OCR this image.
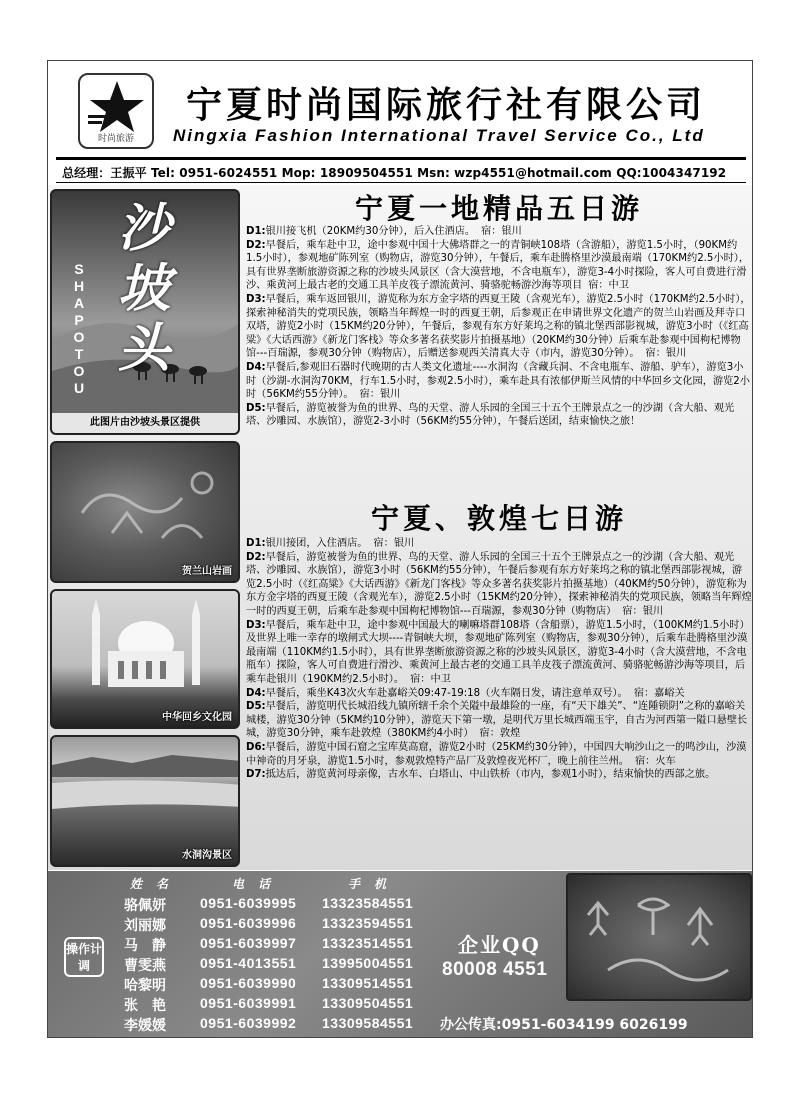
时尚旅游
宁夏时尚国际旅行社有限公司
Ningxia Fashion International Travel Service Co., Ltd
总经理：王振平 Tel: 0951-6024551 Mop: 18909504551 Msn: wzp4551@hotmail.com QQ:1004347192
沙坡头
SHA PO TOU
此图片由沙坡头景区提供
贺兰山岩画
中华回乡文化园
水洞沟景区
宁夏一地精品五日游

D1:银川接飞机（20KM约30分钟），后入住酒店。 宿：银川

D2:早餐后，乘车赴中卫，途中参观中国十大佛塔群之一的青铜峡108塔（含游船），游览1.5小时，（90KM约1.5小时），参观地矿陈列室（购物店，游览30分钟），午餐后，乘车赴腾格里沙漠最南端（170KM约2.5小时），具有世界垄断旅游资源之称的沙坡头风景区（含大漠营地，不含电瓶车），游览3-4小时探险，客人可自费进行滑沙、乘黄河上最古老的交通工具羊皮筏子漂流黄河、骑骆驼畅游沙海等项目 宿：中卫

D3:早餐后，乘车返回银川，游览称为东方金字塔的西夏王陵（含观光车），游览2.5小时（170KM约2.5小时），探索神秘消失的党项民族，领略当年辉煌一时的西夏王朝，后参观正在申请世界文化遗产的贺兰山岩画及拜寺口双塔，游览2小时（15KM约20分钟），午餐后，参观有东方好莱坞之称的镇北堡西部影视城，游览3小时（《红高粱》《大话西游》《新龙门客栈》等众多著名获奖影片拍摄基地）（20KM约30分钟）后乘车赴参观中国枸杞博物馆---百瑞源，参观30分钟（购物店），后赠送参观西关清真大寺（市内，游览30分钟）。 宿：银川

D4:早餐后,参观旧石器时代晚期的古人类文化遗址----水洞沟（含藏兵洞、不含电瓶车、游船、驴车），游览3小时（沙湖-水洞沟70KM，行车1.5小时，参观2.5小时），乘车赴具有浓郁伊斯兰风情的中华回乡文化园，游览2小时（56KM约55分钟）。 宿：银川

D5:早餐后，游览被誉为鱼的世界、鸟的天堂、游人乐园的全国三十五个王牌景点之一的沙湖（含大船、观光塔、沙雕园、水族馆），游览2-3小时（56KM约55分钟），午餐后送团，结束愉快之旅！

宁夏、敦煌七日游

D1:银川接团，入住酒店。 宿：银川

D2:早餐后，游览被誉为鱼的世界、鸟的天堂、游人乐园的全国三十五个王牌景点之一的沙湖（含大船、观光塔、沙雕园、水族馆），游览3小时（56KM约55分钟），午餐后参观有东方好莱坞之称的镇北堡西部影视城，游览2.5小时（《红高粱》《大话西游》《新龙门客栈》等众多著名获奖影片拍摄基地）（40KM约50分钟），游览称为东方金字塔的西夏王陵（含观光车），游览2.5小时（15KM约20分钟），探索神秘消失的党项民族，领略当年辉煌一时的西夏王朝，后乘车赴参观中国枸杞博物馆---百瑞源，参观30分钟（购物店） 宿：银川

D3:早餐后，乘车赴中卫，途中参观中国最大的喇嘛塔群108塔（含船票），游览1.5小时，（100KM约1.5小时）及世界上唯一幸存的墩闸式大坝----青铜峡大坝，参观地矿陈列室（购物店，参观30分钟），后乘车赴腾格里沙漠最南端（110KM约1.5小时），具有世界垄断旅游资源之称的沙坡头风景区，游览3-4小时（含大漠营地，不含电瓶车）探险，客人可自费进行滑沙、乘黄河上最古老的交通工具羊皮筏子漂流黄河、骑骆驼畅游沙海等项目，后乘车赴银川（190KM约2.5小时）。 宿：中卫

D4:早餐后，乘坐K43次火车赴嘉峪关09:47-19:18（火车隔日发，请注意单双号）。 宿：嘉峪关

D5:早餐后，游览明代长城沿线九镇所辖千余个关隘中最雄险的一座，有“天下雄关”、“连陲锁阴”之称的嘉峪关城楼，游览30分钟（5KM约10分钟），游览天下第一墩，是明代万里长城西端玉宇，自古为河西第一隘口悬壁长城，游览30分钟，乘车赴敦煌（380KM约4小时） 宿：敦煌

D6:早餐后，游览中国石窟之宝库莫高窟，游览2小时（25KM约30分钟），中国四大响沙山之一的鸣沙山，沙漠中神奇的月牙泉，游览1.5小时，参观敦煌特产品厂及敦煌夜光杯厂，晚上前往兰州。 宿：火车

D7:抵达后，游览黄河母亲像，古水车、白塔山、中山铁桥（市内，参观1小时），结束愉快的西部之旅。

操作计调
姓名	电话	手机
骆佩妍 0951-6039995 13323584551
刘丽娜 0951-6039996 13323594551
马　静 0951-6039997 13323514551
曹雯燕 0951-4013551 13995004551
哈黎明 0951-6039990 13309514551
张　艳 0951-6039991 13309504551
李媛媛 0951-6039992 13309584551
企业QQ
80008 4551
办公传真:0951-6034199 6026199
